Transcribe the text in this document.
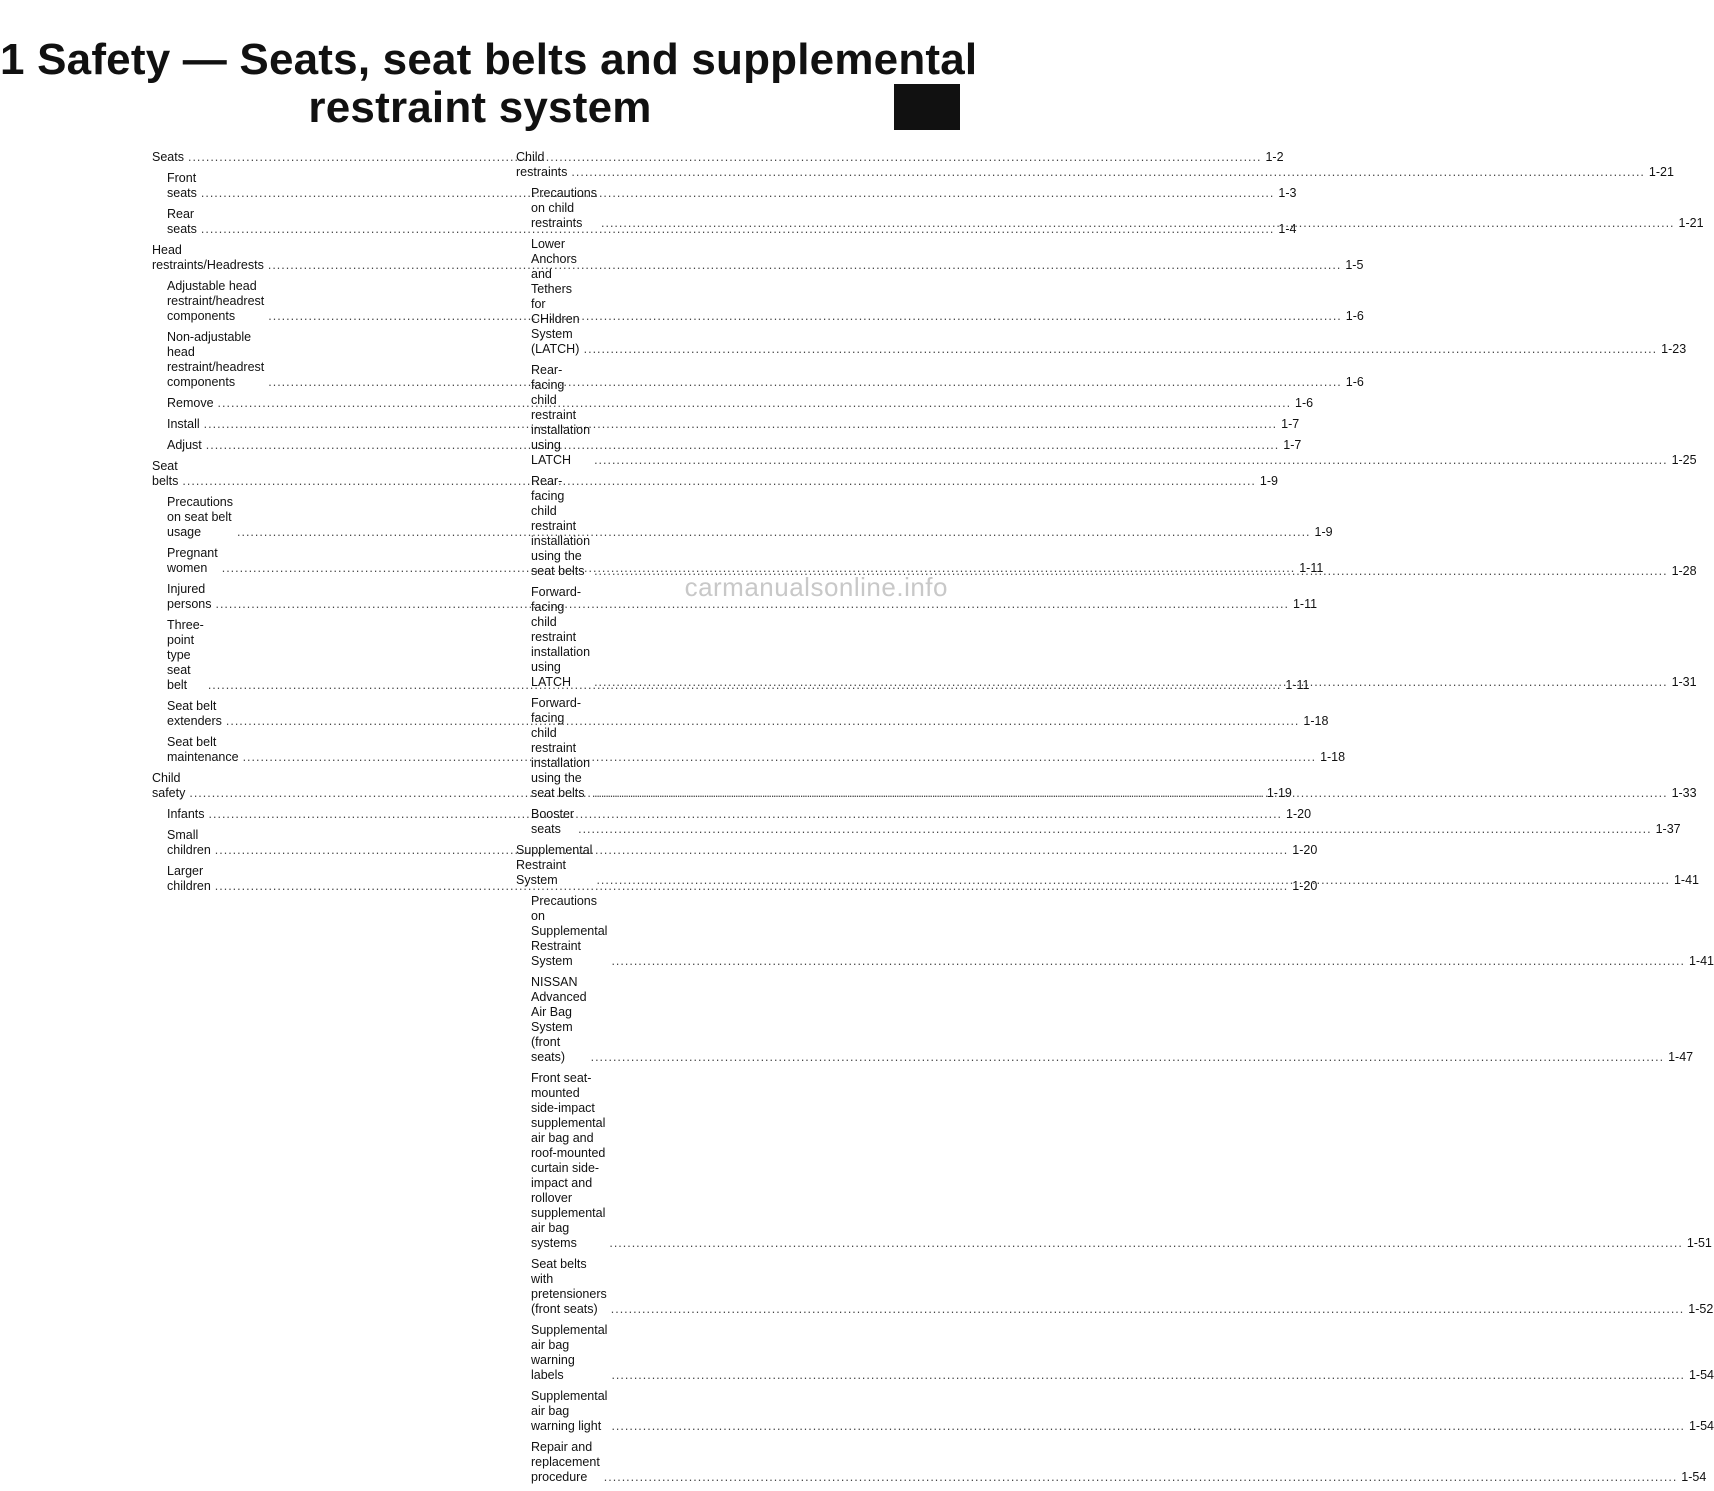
1 Safety — Seats, seat belts and supplemental
restraint system
Seats .....	1-2
Front seats .....	1-3
Rear seats .....	1-4
Head restraints/Headrests .....	1-5
Adjustable head restraint/headrest components .....	1-6
Non-adjustable head restraint/headrest components .....	1-6
Remove .....	1-6
Install .....	1-7
Adjust .....	1-7
Seat belts .....	1-9
Precautions on seat belt usage .....	1-9
Pregnant women .....	1-11
Injured persons .....	1-11
Three-point type seat belt .....	1-11
Seat belt extenders .....	1-18
Seat belt maintenance .....	1-18
Child safety .....	1-19
Infants .....	1-20
Small children .....	1-20
Larger children .....	1-20
Child restraints .....	1-21
Precautions on child restraints .....	1-21
Lower Anchors and Tethers for CHildren System (LATCH) .....	1-23
Rear-facing child restraint installation using LATCH .....	1-25
Rear-facing child restraint installation using the seat belts .....	1-28
Forward-facing child restraint installation using LATCH .....	1-31
Forward-facing child restraint installation using the seat belts .....	1-33
Booster seats .....	1-37
Supplemental Restraint System .....	1-41
Precautions on Supplemental Restraint System .....	1-41
NISSAN Advanced Air Bag System (front seats) .....	1-47
Front seat-mounted side-impact supplemental air bag and roof-mounted curtain side-impact and rollover supplemental air bag systems .....	1-51
Seat belts with pretensioners (front seats) .....	1-52
Supplemental air bag warning labels .....	1-54
Supplemental air bag warning light .....	1-54
Repair and replacement procedure .....	1-54
carmanualsonline.info
